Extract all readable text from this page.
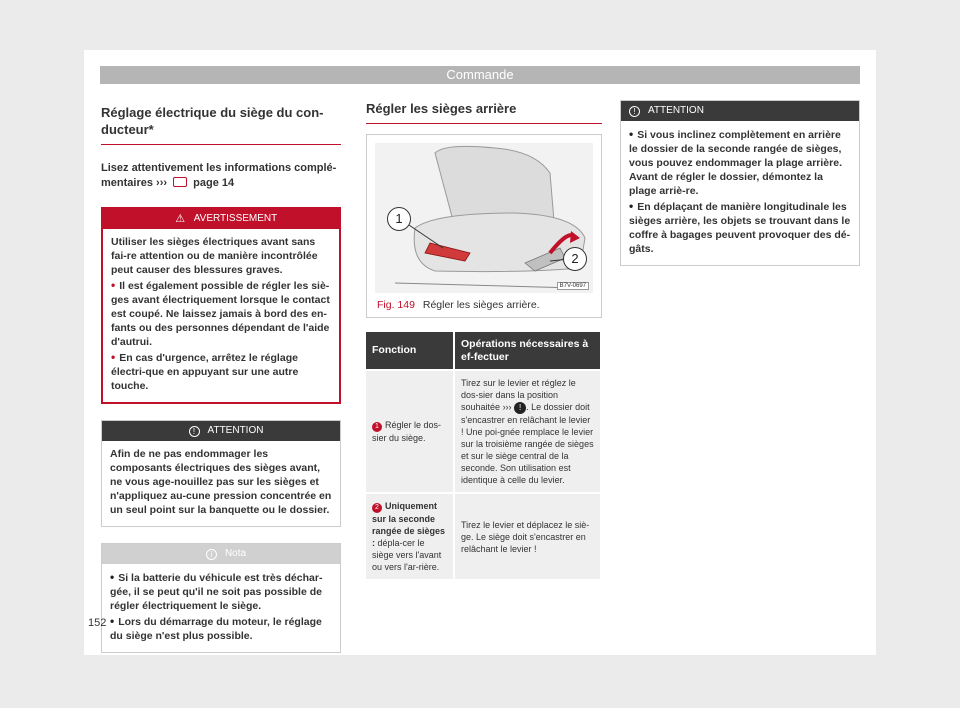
Commande
Réglage électrique du siège du con-
ducteur*
Lisez attentivement les informations complé-
mentaires ››› page 14
⚠ AVERTISSEMENT

Utiliser les sièges électriques avant sans fai-re attention ou de manière incontrôlée peut causer des blessures graves.

• Il est également possible de régler les siè-ges avant électriquement lorsque le contact est coupé. Ne laissez jamais à bord des en-fants ou des personnes dépendant de l'aide d'autrui.

• En cas d'urgence, arrêtez le réglage électri-que en appuyant sur une autre touche.

! ATTENTION

Afin de ne pas endommager les composants électriques des sièges avant, ne vous age-nouillez pas sur les sièges et n'appliquez au-cune pression concentrée en un seul point sur la banquette ou le dossier.

i Nota

• Si la batterie du véhicule est très déchar-gée, il se peut qu'il ne soit pas possible de régler électriquement le siège.

• Lors du démarrage du moteur, le réglage du siège n'est plus possible.

Régler les sièges arrière
1
2
B7V-0697
Fig. 149 Régler les sièges arrière.
Fonction	Opérations nécessaires à ef-fectuer
1 Régler le dos-sier du siège.	Tirez sur le levier et réglez le dos-sier dans la position souhaitée ››› ! . Le dossier doit s'encastrer en relâchant le levier ! Une poi-gnée remplace le levier sur la troisième rangée de sièges et sur le siège central de la seconde. Son utilisation est identique à celle du levier.
2 Uniquement sur la seconde rangée de sièges : dépla-cer le siège vers l'avant ou vers l'ar-rière.	Tirez le levier et déplacez le siè-ge. Le siège doit s'encastrer en relâchant le levier !
! ATTENTION

• Si vous inclinez complètement en arrière le dossier de la seconde rangée de sièges, vous pouvez endommager la plage arrière. Avant de régler le dossier, démontez la plage arriè-re.

• En déplaçant de manière longitudinale les sièges arrière, les objets se trouvant dans le coffre à bagages peuvent provoquer des dé-gâts.

152
